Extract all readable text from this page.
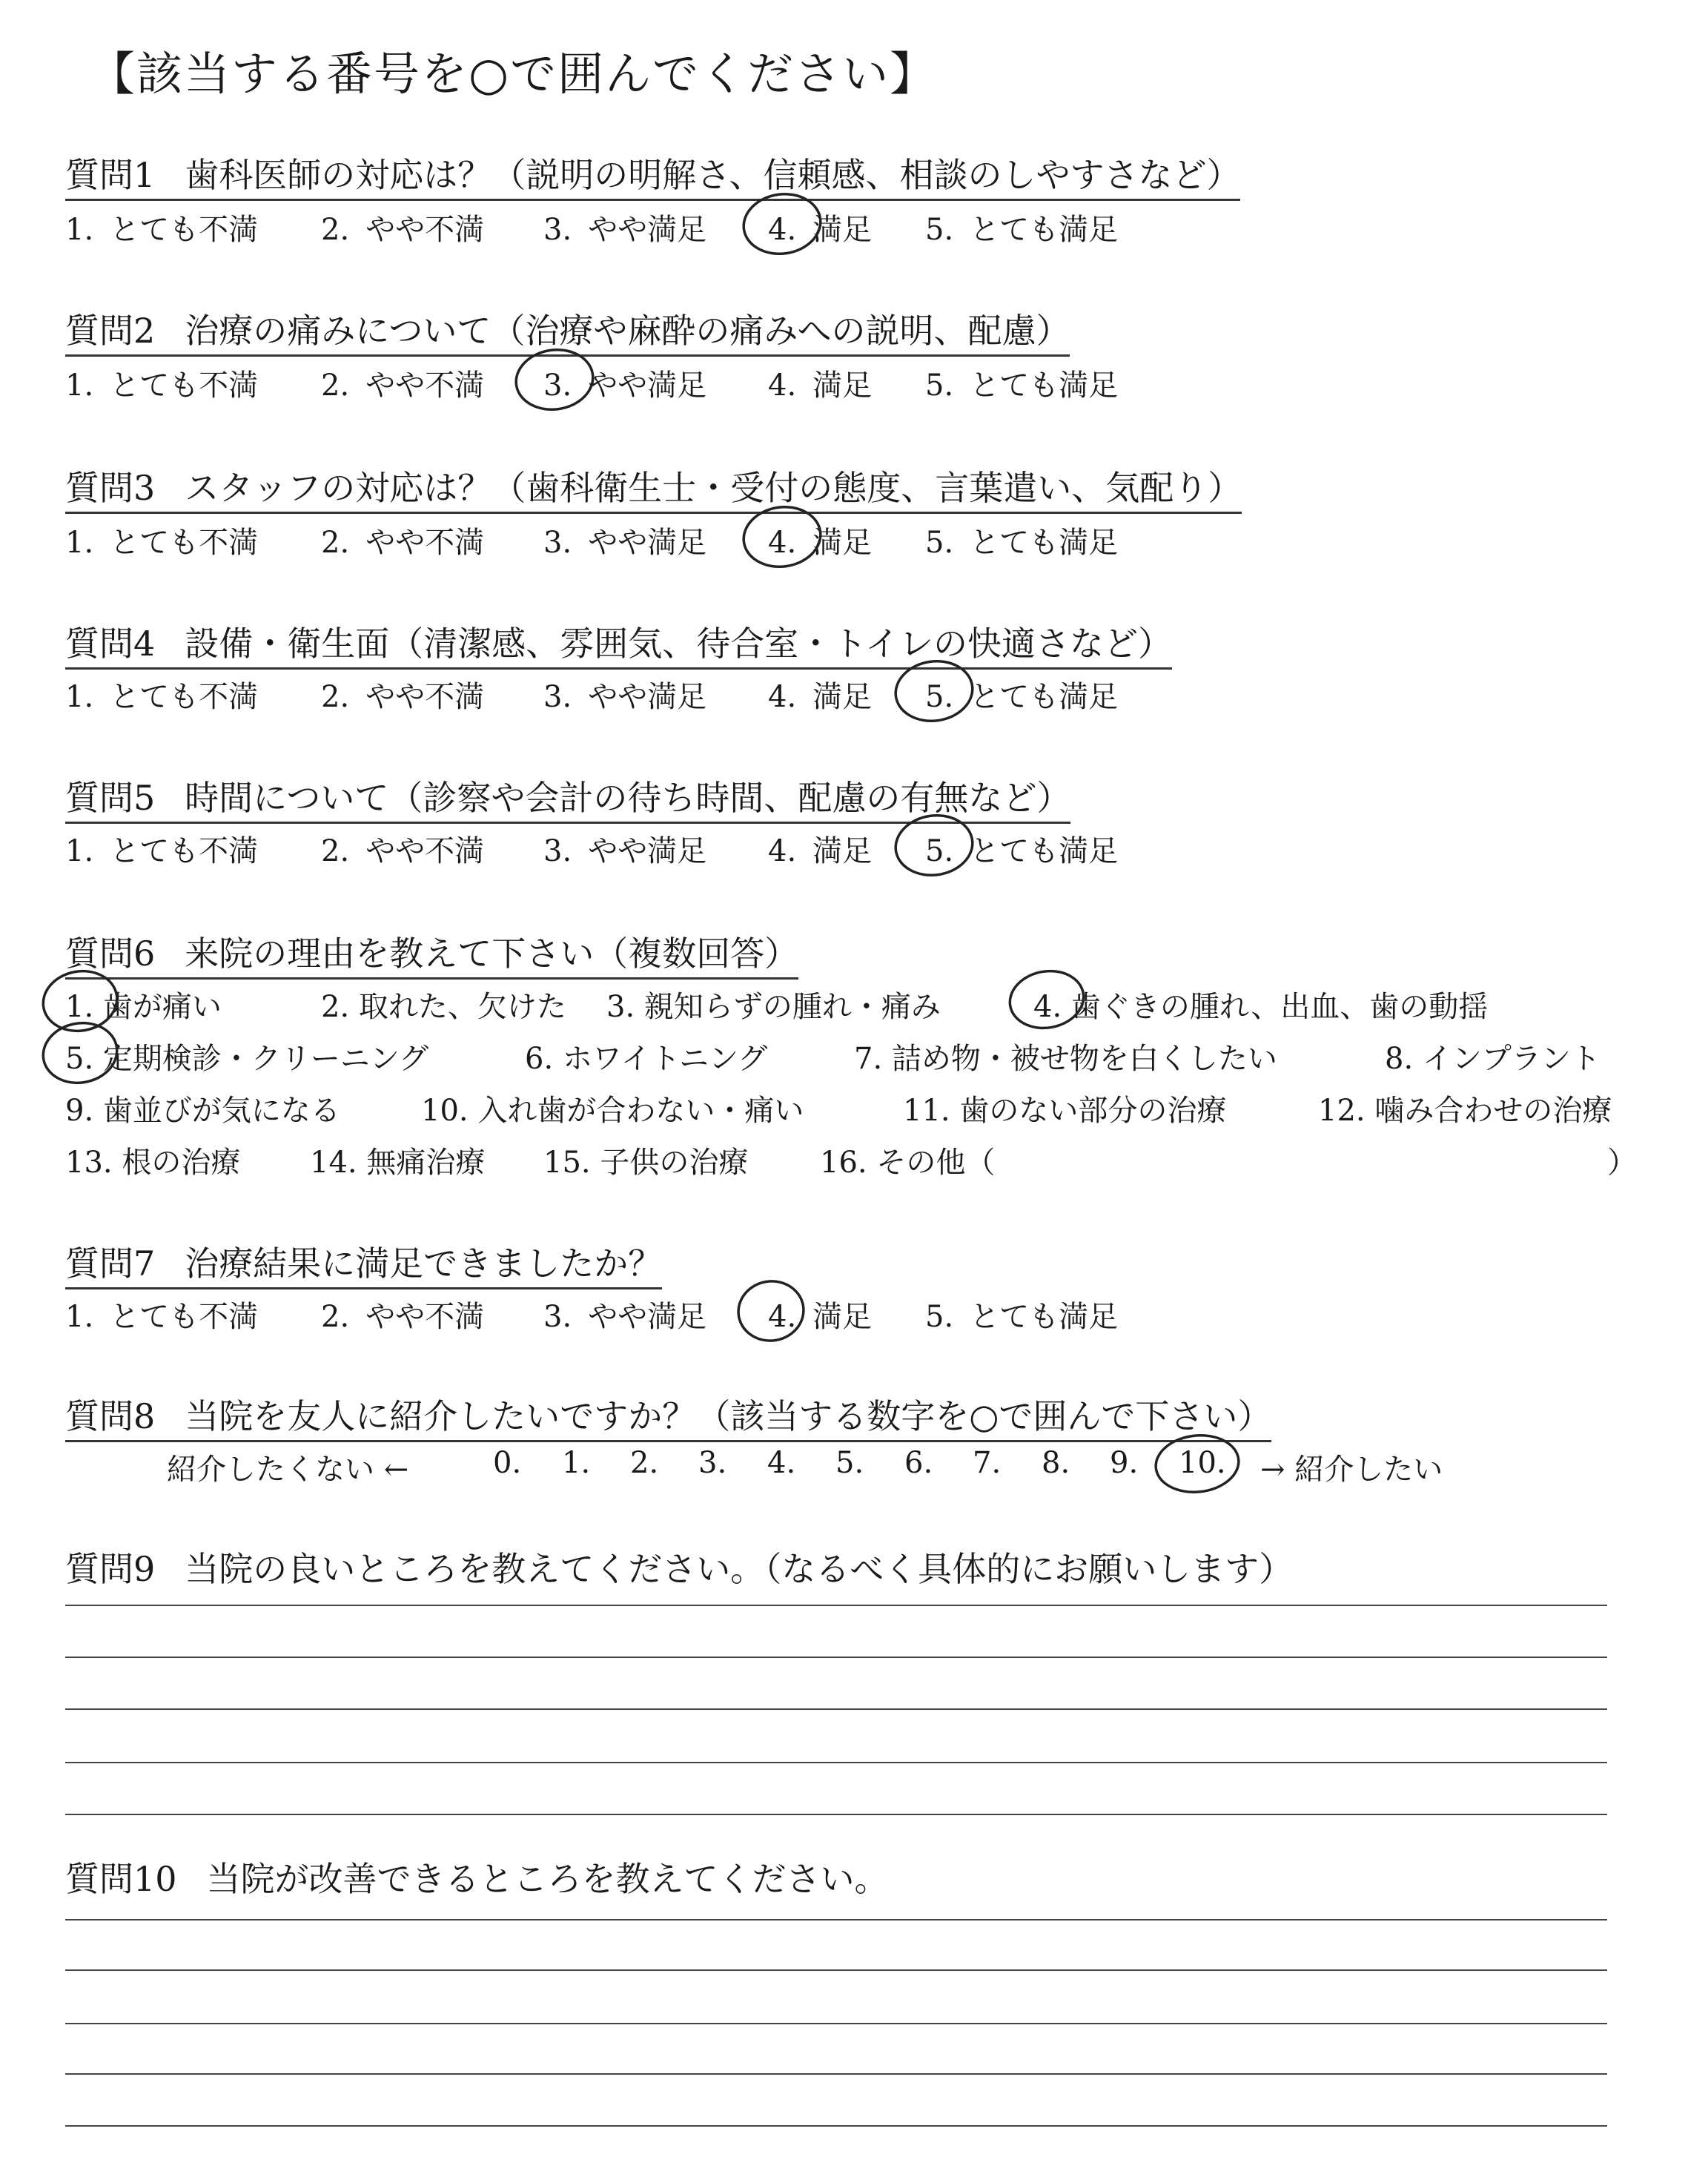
【該当する番号を○で囲んでください】
質問1 歯科医師の対応は？（説明の明解さ、信頼感、相談のしやすさなど）
1. とても不満 2. やや不満 3. やや満足 4. 満足 5. とても満足
質問2 治療の痛みについて（治療や麻酔の痛みへの説明、配慮）
1. とても不満 2. やや不満 3. やや満足 4. 満足 5. とても満足
質問3 スタッフの対応は？（歯科衛生士・受付の態度、言葉遣い、気配り）
1. とても不満 2. やや不満 3. やや満足 4. 満足 5. とても満足
質問4 設備・衛生面（清潔感、雰囲気、待合室・トイレの快適さなど）
1. とても不満 2. やや不満 3. やや満足 4. 満足 5. とても満足
質問5 時間について（診察や会計の待ち時間、配慮の有無など）
1. とても不満 2. やや不満 3. やや満足 4. 満足 5. とても満足
質問6 来院の理由を教えて下さい（複数回答）
1. 歯が痛い	2. 取れた、欠けた 3. 親知らずの腫れ・痛み	4. 歯ぐきの腫れ、出血、歯の動揺
5. 定期検診・クリーニング	6. ホワイトニング	7. 詰め物・被せ物を白くしたい	8. インプラント
9. 歯並びが気になる	10. 入れ歯が合わない・痛い	11. 歯のない部分の治療	12. 噛み合わせの治療
13. 根の治療 14. 無痛治療 15. 子供の治療 16. その他（	）
質問7 治療結果に満足できましたか？
1. とても不満 2. やや不満 3. やや満足 4. 満足 5. とても満足
質問8 当院を友人に紹介したいですか？（該当する数字を○で囲んで下さい）
紹介したくない ←	0. 1. 2. 3. 4. 5. 6. 7. 8. 9. 10. → 紹介したい
質問9 当院の良いところを教えてください。（なるべく具体的にお願いします）
質問10 当院が改善できるところを教えてください。
